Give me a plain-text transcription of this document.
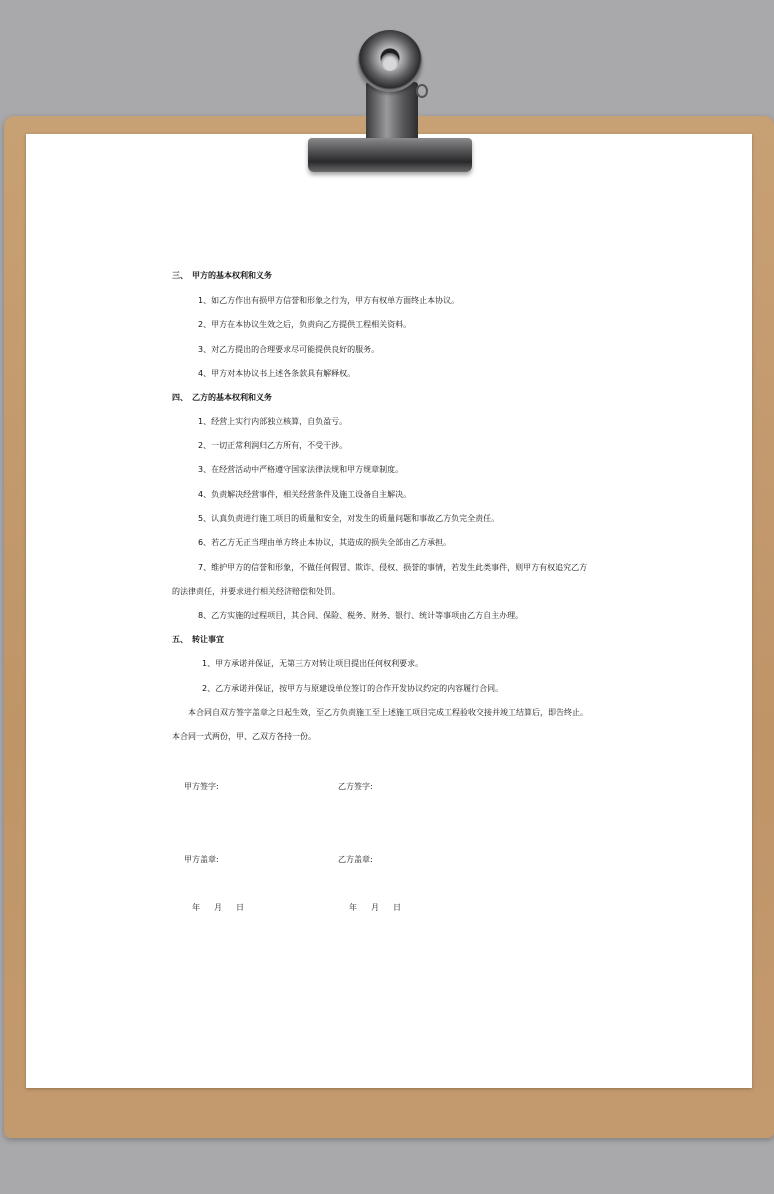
三、 甲方的基本权利和义务
1、如乙方作出有损甲方信誉和形象之行为，甲方有权单方面终止本协议。
2、甲方在本协议生效之后，负责向乙方提供工程相关资料。
3、对乙方提出的合理要求尽可能提供良好的服务。
4、甲方对本协议书上述各条款具有解释权。
四、 乙方的基本权利和义务
1、经营上实行内部独立核算，自负盈亏。
2、一切正常利润归乙方所有，不受干涉。
3、在经营活动中严格遵守国家法律法规和甲方规章制度。
4、负责解决经营事件，相关经营条件及施工设备自主解决。
5、认真负责进行施工项目的质量和安全，对发生的质量问题和事故乙方负完全责任。
6、若乙方无正当理由单方终止本协议，其造成的损失全部由乙方承担。
7、维护甲方的信誉和形象，不做任何假冒、欺诈、侵权、损誉的事情，若发生此类事件，则甲方有权追究乙方
的法律责任，并要求进行相关经济赔偿和处罚。
8、乙方实施的过程项目，其合同、保险、税务、财务、银行、统计等事项由乙方自主办理。
五、 转让事宜
1、甲方承诺并保证，无第三方对转让项目提出任何权利要求。
2、乙方承诺并保证，按甲方与原建设单位签订的合作开发协议约定的内容履行合同。
本合同自双方签字盖章之日起生效，至乙方负责施工至上述施工项目完成工程验收交接并竣工结算后，即告终止。
本合同一式两份，甲、乙双方各持一份。
甲方签字:	乙方签字:
甲方盖章:	乙方盖章:
年 月 日	年 月 日
